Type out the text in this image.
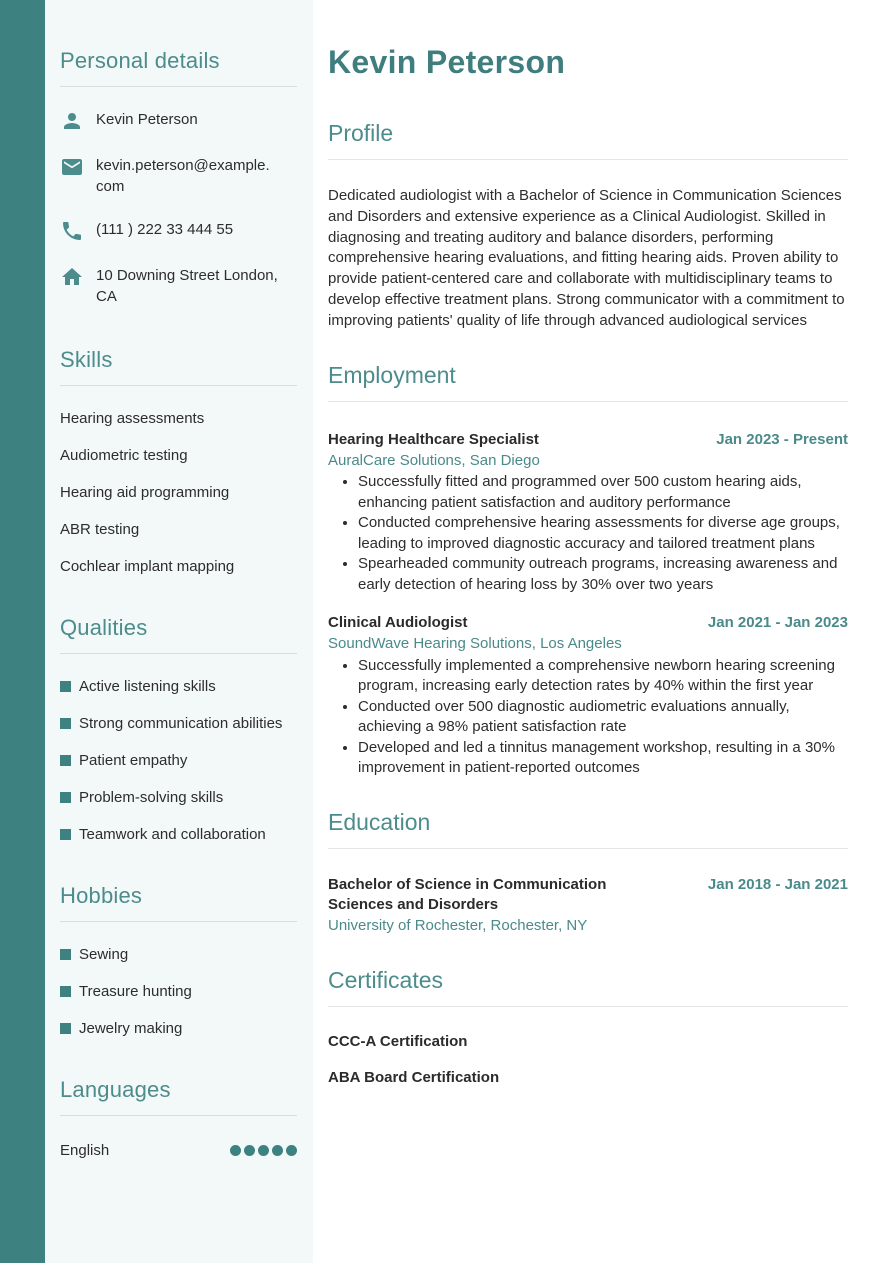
Personal details
Kevin Peterson
kevin.peterson@example.com
(111 ) 222 33 444 55
10 Downing Street London, CA
Skills
Hearing assessments
Audiometric testing
Hearing aid programming
ABR testing
Cochlear implant mapping
Qualities
Active listening skills
Strong communication abilities
Patient empathy
Problem-solving skills
Teamwork and collaboration
Hobbies
Sewing
Treasure hunting
Jewelry making
Languages
English
Kevin Peterson
Profile

Dedicated audiologist with a Bachelor of Science in Communication Sciences and Disorders and extensive experience as a Clinical Audiologist. Skilled in diagnosing and treating auditory and balance disorders, performing comprehensive hearing evaluations, and fitting hearing aids. Proven ability to provide patient-centered care and collaborate with multidisciplinary teams to develop effective treatment plans. Strong communicator with a commitment to improving patients' quality of life through advanced audiological services

Employment
Hearing Healthcare Specialist	Jan 2023 - Present
AuralCare Solutions, San Diego
• Successfully fitted and programmed over 500 custom hearing aids, enhancing patient satisfaction and auditory performance
• Conducted comprehensive hearing assessments for diverse age groups, leading to improved diagnostic accuracy and tailored treatment plans
• Spearheaded community outreach programs, increasing awareness and early detection of hearing loss by 30% over two years
Clinical Audiologist	Jan 2021 - Jan 2023
SoundWave Hearing Solutions, Los Angeles
• Successfully implemented a comprehensive newborn hearing screening program, increasing early detection rates by 40% within the first year
• Conducted over 500 diagnostic audiometric evaluations annually, achieving a 98% patient satisfaction rate
• Developed and led a tinnitus management workshop, resulting in a 30% improvement in patient-reported outcomes
Education
Bachelor of Science in Communication Sciences and Disorders
Jan 2018 - Jan 2021
University of Rochester, Rochester, NY
Certificates
CCC-A Certification
ABA Board Certification
